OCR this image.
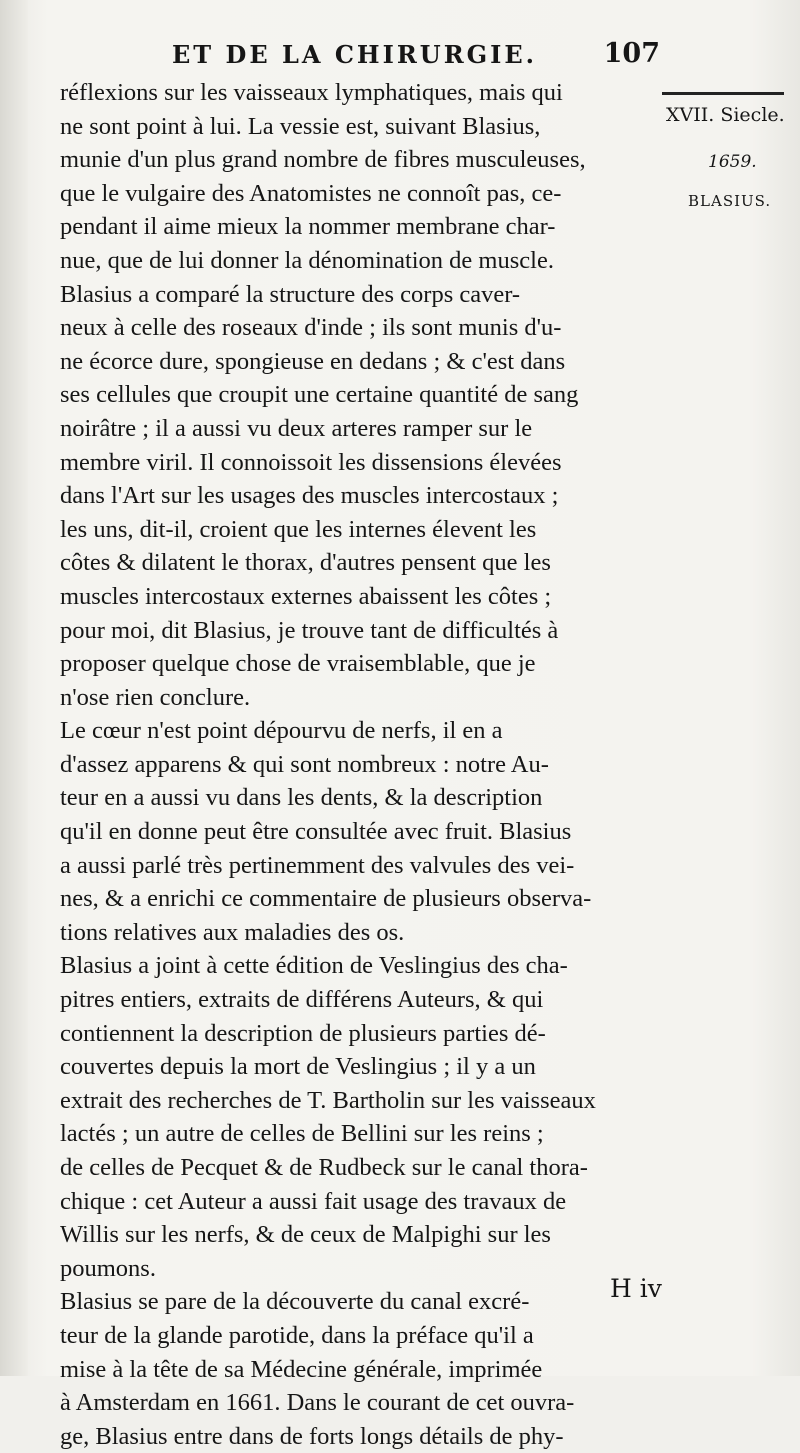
ET DE LA CHIRURGIE. 107
XVII. Siecle.
1659.
BLASIUS.
réflexions sur les vaisseaux lymphatiques, mais qui
ne sont point à lui. La vessie est, suivant Blasius,
munie d'un plus grand nombre de fibres musculeuses,
que le vulgaire des Anatomistes ne connoît pas, ce-
pendant il aime mieux la nommer membrane char-
nue, que de lui donner la dénomination de muscle.
Blasius a comparé la structure des corps caver-
neux à celle des roseaux d'inde ; ils sont munis d'u-
ne écorce dure, spongieuse en dedans ; & c'est dans
ses cellules que croupit une certaine quantité de sang
noirâtre ; il a aussi vu deux arteres ramper sur le
membre viril. Il connoissoit les dissensions élevées
dans l'Art sur les usages des muscles intercostaux ;
les uns, dit-il, croient que les internes élevent les
côtes & dilatent le thorax, d'autres pensent que les
muscles intercostaux externes abaissent les côtes ;
pour moi, dit Blasius, je trouve tant de difficultés à
proposer quelque chose de vraisemblable, que je
n'ose rien conclure.
Le cœur n'est point dépourvu de nerfs, il en a
d'assez apparens & qui sont nombreux : notre Au-
teur en a aussi vu dans les dents, & la description
qu'il en donne peut être consultée avec fruit. Blasius
a aussi parlé très pertinemment des valvules des vei-
nes, & a enrichi ce commentaire de plusieurs observa-
tions relatives aux maladies des os.
Blasius a joint à cette édition de Veslingius des cha-
pitres entiers, extraits de différens Auteurs, & qui
contiennent la description de plusieurs parties dé-
couvertes depuis la mort de Veslingius ; il y a un
extrait des recherches de T. Bartholin sur les vaisseaux
lactés ; un autre de celles de Bellini sur les reins ;
de celles de Pecquet & de Rudbeck sur le canal thora-
chique : cet Auteur a aussi fait usage des travaux de
Willis sur les nerfs, & de ceux de Malpighi sur les
poumons.
Blasius se pare de la découverte du canal excré-
teur de la glande parotide, dans la préface qu'il a
mise à la tête de sa Médecine générale, imprimée
à Amsterdam en 1661. Dans le courant de cet ouvra-
ge, Blasius entre dans de forts longs détails de phy-
H iv
